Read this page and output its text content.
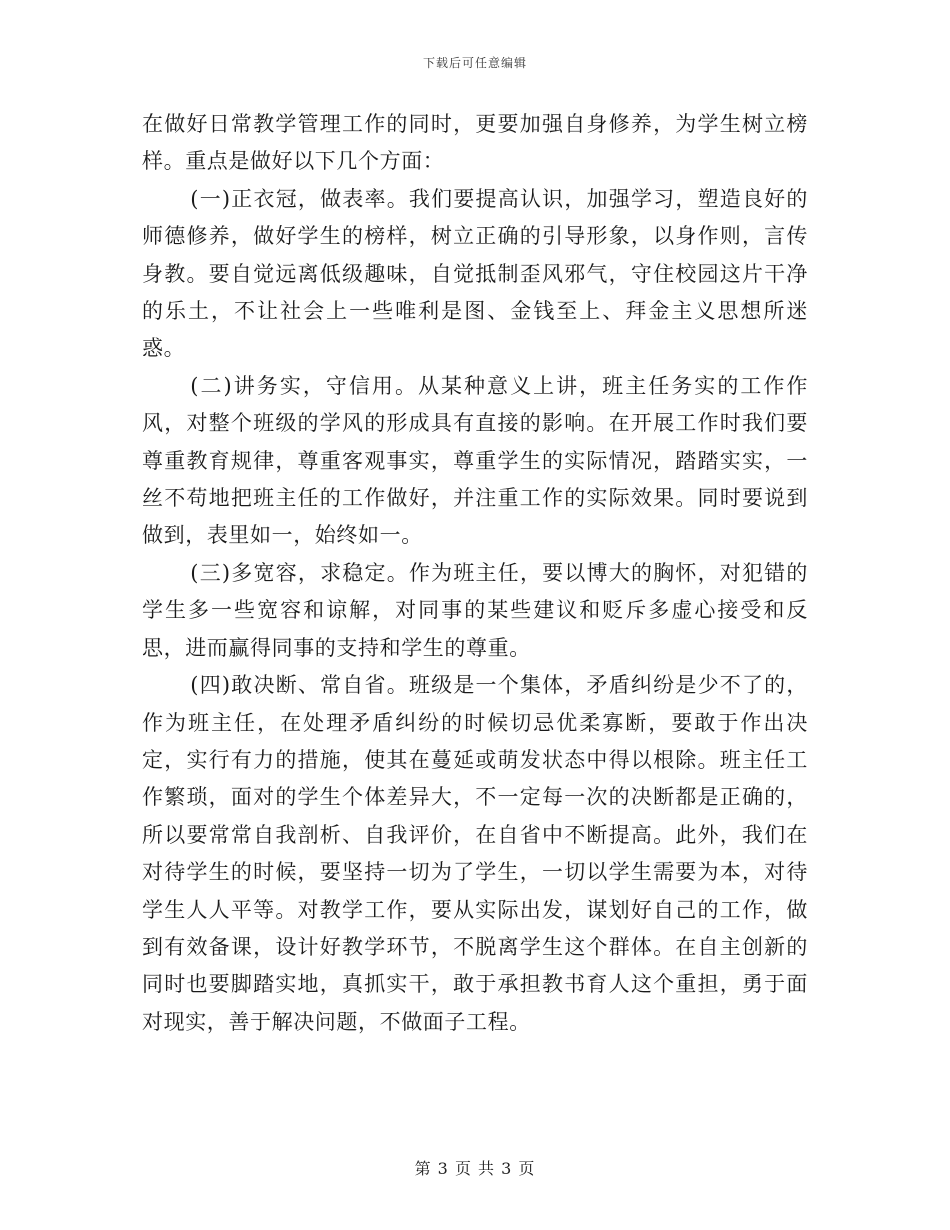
下载后可任意编辑

在做好日常教学管理工作的同时，更要加强自身修养，为学生树立榜样。重点是做好以下几个方面：

(一)正衣冠，做表率。我们要提高认识，加强学习，塑造良好的师德修养，做好学生的榜样，树立正确的引导形象，以身作则，言传身教。要自觉远离低级趣味，自觉抵制歪风邪气，守住校园这片干净的乐土，不让社会上一些唯利是图、金钱至上、拜金主义思想所迷惑。

(二)讲务实，守信用。从某种意义上讲，班主任务实的工作作风，对整个班级的学风的形成具有直接的影响。在开展工作时我们要尊重教育规律，尊重客观事实，尊重学生的实际情况，踏踏实实，一丝不苟地把班主任的工作做好，并注重工作的实际效果。同时要说到做到，表里如一，始终如一。

(三)多宽容，求稳定。作为班主任，要以博大的胸怀，对犯错的学生多一些宽容和谅解，对同事的某些建议和贬斥多虚心接受和反思，进而赢得同事的支持和学生的尊重。

(四)敢决断、常自省。班级是一个集体，矛盾纠纷是少不了的，作为班主任，在处理矛盾纠纷的时候切忌优柔寡断，要敢于作出决定，实行有力的措施，使其在蔓延或萌发状态中得以根除。班主任工作繁琐，面对的学生个体差异大，不一定每一次的决断都是正确的，所以要常常自我剖析、自我评价，在自省中不断提高。此外，我们在对待学生的时候，要坚持一切为了学生，一切以学生需要为本，对待学生人人平等。对教学工作，要从实际出发，谋划好自己的工作，做到有效备课，设计好教学环节，不脱离学生这个群体。在自主创新的同时也要脚踏实地，真抓实干，敢于承担教书育人这个重担，勇于面对现实，善于解决问题，不做面子工程。

第 3 页 共 3 页
